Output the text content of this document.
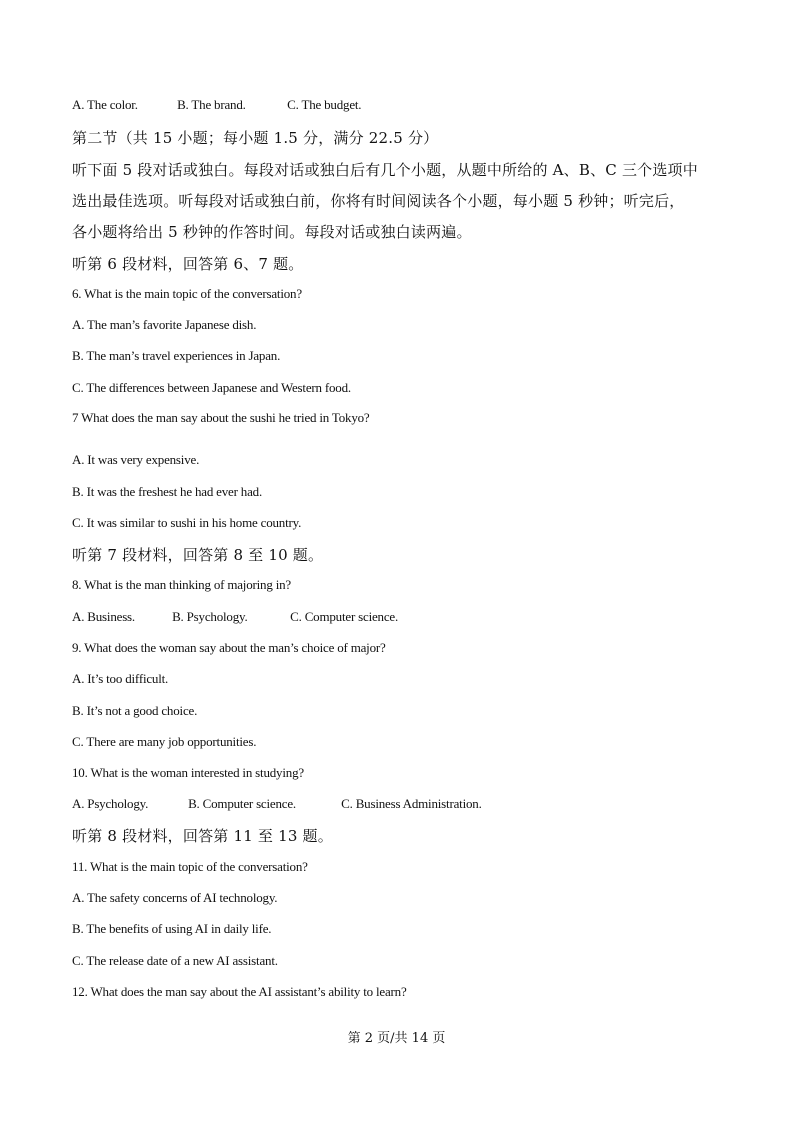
A. The color.	B. The brand.	C. The budget.
第二节（共 15 小题；每小题 1.5 分，满分 22.5 分）
听下面 5 段对话或独白。每段对话或独白后有几个小题，从题中所给的 A、B、C 三个选项中
选出最佳选项。听每段对话或独白前，你将有时间阅读各个小题，每小题 5 秒钟；听完后，
各小题将给出 5 秒钟的作答时间。每段对话或独白读两遍。
听第 6 段材料，回答第 6、7 题。
6. What is the main topic of the conversation?
A. The man’s favorite Japanese dish.
B. The man’s travel experiences in Japan.
C. The differences between Japanese and Western food.
7 What does the man say about the sushi he tried in Tokyo?
A. It was very expensive.
B. It was the freshest he had ever had.
C. It was similar to sushi in his home country.
听第 7 段材料，回答第 8 至 10 题。
8. What is the man thinking of majoring in?
A. Business.	B. Psychology.	C. Computer science.
9. What does the woman say about the man’s choice of major?
A. It’s too difficult.
B. It’s not a good choice.
C. There are many job opportunities.
10. What is the woman interested in studying?
A. Psychology.	B. Computer science.	C. Business Administration.
听第 8 段材料，回答第 11 至 13 题。
11. What is the main topic of the conversation?
A. The safety concerns of AI technology.
B. The benefits of using AI in daily life.
C. The release date of a new AI assistant.
12. What does the man say about the AI assistant’s ability to learn?
第 2 页/共 14 页
